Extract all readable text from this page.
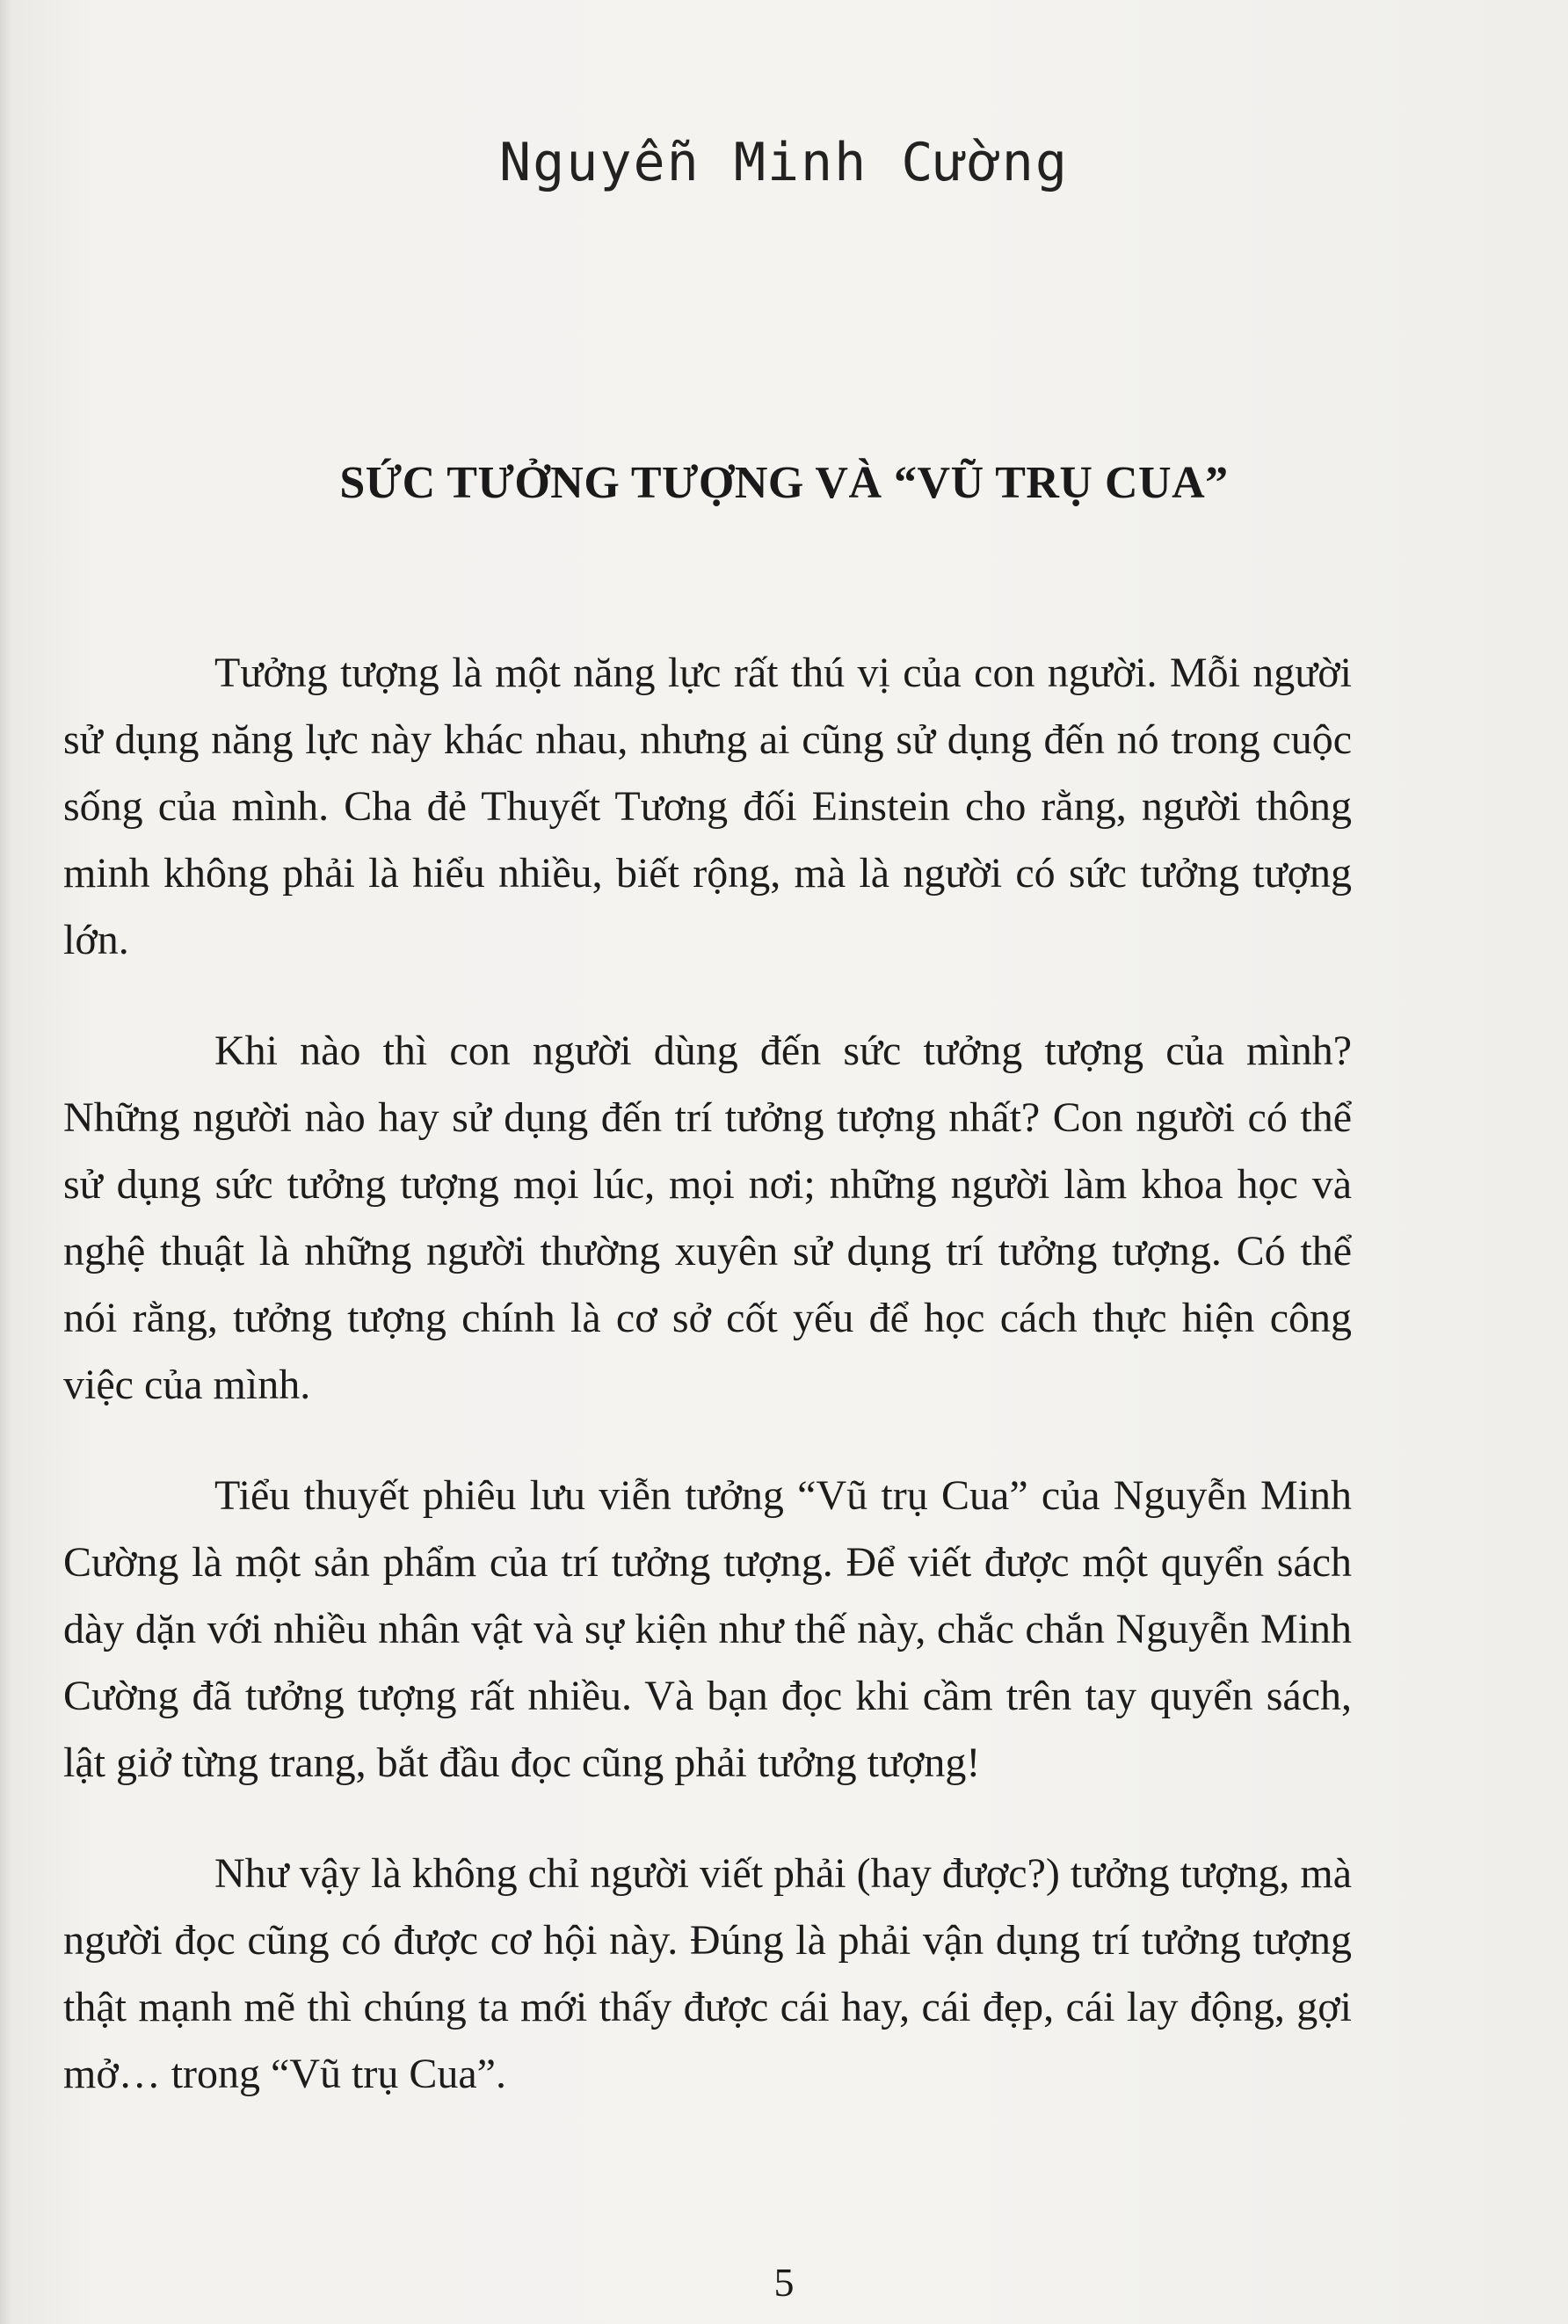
Nguyễn Minh Cường
SỨC TƯỞNG TƯỢNG VÀ “VŨ TRỤ CUA”

Tưởng tượng là một năng lực rất thú vị của con người. Mỗi người sử dụng năng lực này khác nhau, nhưng ai cũng sử dụng đến nó trong cuộc sống của mình. Cha đẻ Thuyết Tương đối Einstein cho rằng, người thông minh không phải là hiểu nhiều, biết rộng, mà là người có sức tưởng tượng lớn.

Khi nào thì con người dùng đến sức tưởng tượng của mình? Những người nào hay sử dụng đến trí tưởng tượng nhất? Con người có thể sử dụng sức tưởng tượng mọi lúc, mọi nơi; những người làm khoa học và nghệ thuật là những người thường xuyên sử dụng trí tưởng tượng. Có thể nói rằng, tưởng tượng chính là cơ sở cốt yếu để học cách thực hiện công việc của mình.

Tiểu thuyết phiêu lưu viễn tưởng “Vũ trụ Cua” của Nguyễn Minh Cường là một sản phẩm của trí tưởng tượng. Để viết được một quyển sách dày dặn với nhiều nhân vật và sự kiện như thế này, chắc chắn Nguyễn Minh Cường đã tưởng tượng rất nhiều. Và bạn đọc khi cầm trên tay quyển sách, lật giở từng trang, bắt đầu đọc cũng phải tưởng tượng!

Như vậy là không chỉ người viết phải (hay được?) tưởng tượng, mà người đọc cũng có được cơ hội này. Đúng là phải vận dụng trí tưởng tượng thật mạnh mẽ thì chúng ta mới thấy được cái hay, cái đẹp, cái lay động, gợi mở… trong “Vũ trụ Cua”.

5
